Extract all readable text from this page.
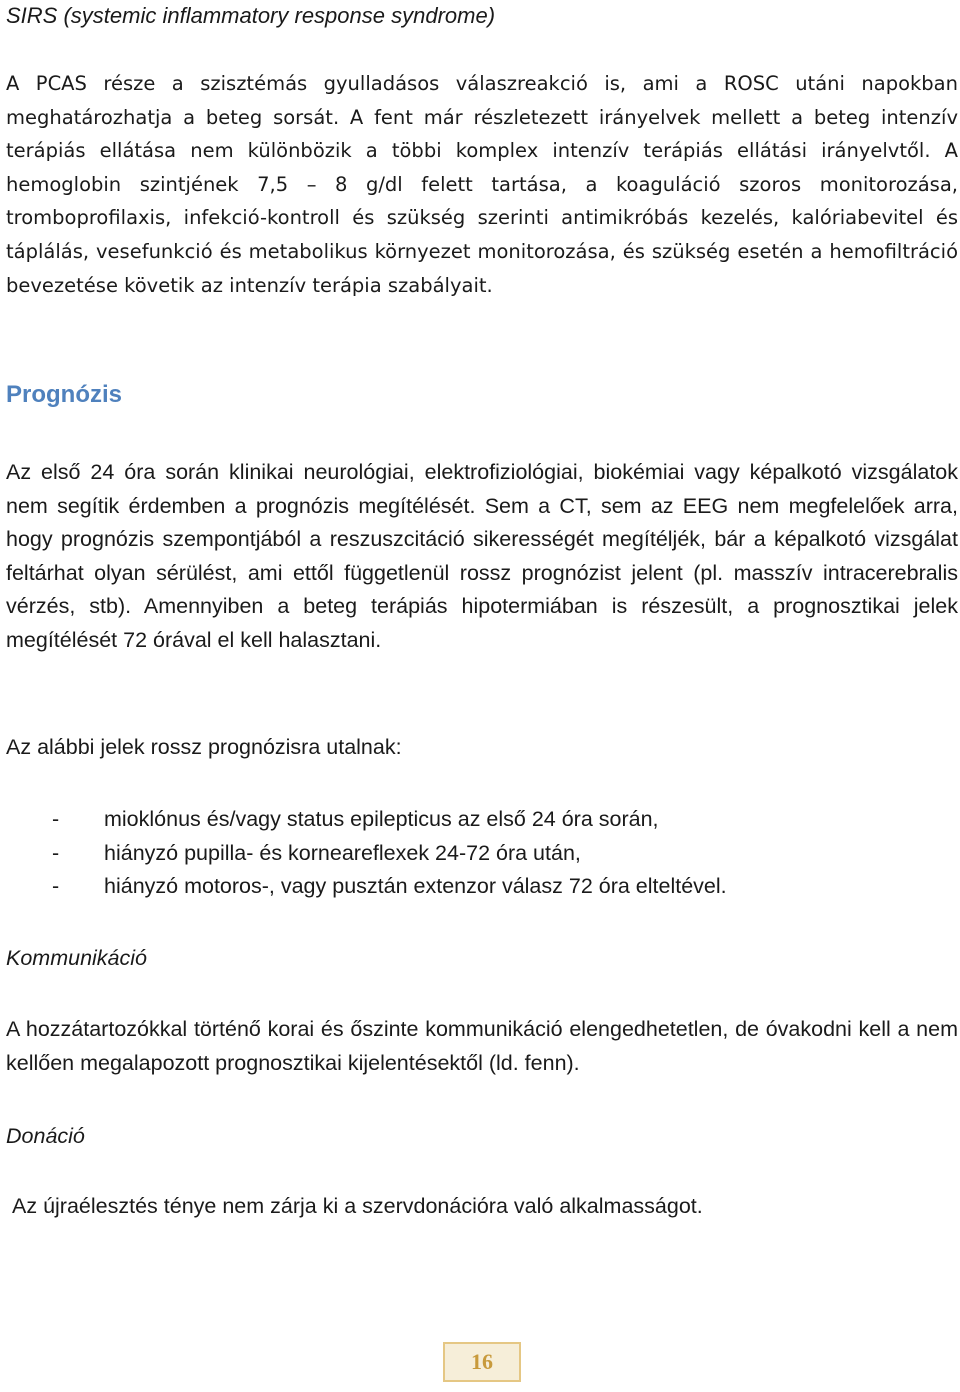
SIRS (systemic inflammatory response syndrome)

A PCAS része a szisztémás gyulladásos válaszreakció is, ami a ROSC utáni napokban meghatározhatja a beteg sorsát. A fent már részletezett irányelvek mellett a beteg intenzív terápiás ellátása nem különbözik a többi komplex intenzív terápiás ellátási irányelvtől. A hemoglobin szintjének 7,5 – 8 g/dl felett tartása, a koaguláció szoros monitorozása, tromboprofilaxis, infekció-kontroll és szükség szerinti antimikróbás kezelés, kalóriabevitel és táplálás, vesefunkció és metabolikus környezet monitorozása, és szükség esetén a hemofiltráció bevezetése követik az intenzív terápia szabályait.

Prognózis

Az első 24 óra során klinikai neurológiai, elektrofiziológiai, biokémiai vagy képalkotó vizsgálatok nem segítik érdemben a prognózis megítélését. Sem a CT, sem az EEG nem megfelelőek arra, hogy prognózis szempontjából a reszuszcitáció sikerességét megítéljék, bár a képalkotó vizsgálat feltárhat olyan sérülést, ami ettől függetlenül rossz prognózist jelent (pl. masszív intracerebralis vérzés, stb). Amennyiben a beteg terápiás hipotermiában is részesült, a prognosztikai jelek megítélését 72 órával el kell halasztani.

Az alábbi jelek rossz prognózisra utalnak:

- mioklónus és/vagy status epilepticus az első 24 óra során,
- hiányzó pupilla- és korneareflexek 24-72 óra után,
- hiányzó motoros-, vagy pusztán extenzor válasz 72 óra elteltével.
Kommunikáció

A hozzátartozókkal történő korai és őszinte kommunikáció elengedhetetlen, de óvakodni kell a nem kellően megalapozott prognosztikai kijelentésektől (ld. fenn).

Donáció

Az újraélesztés ténye nem zárja ki a szervdonációra való alkalmasságot.

16
